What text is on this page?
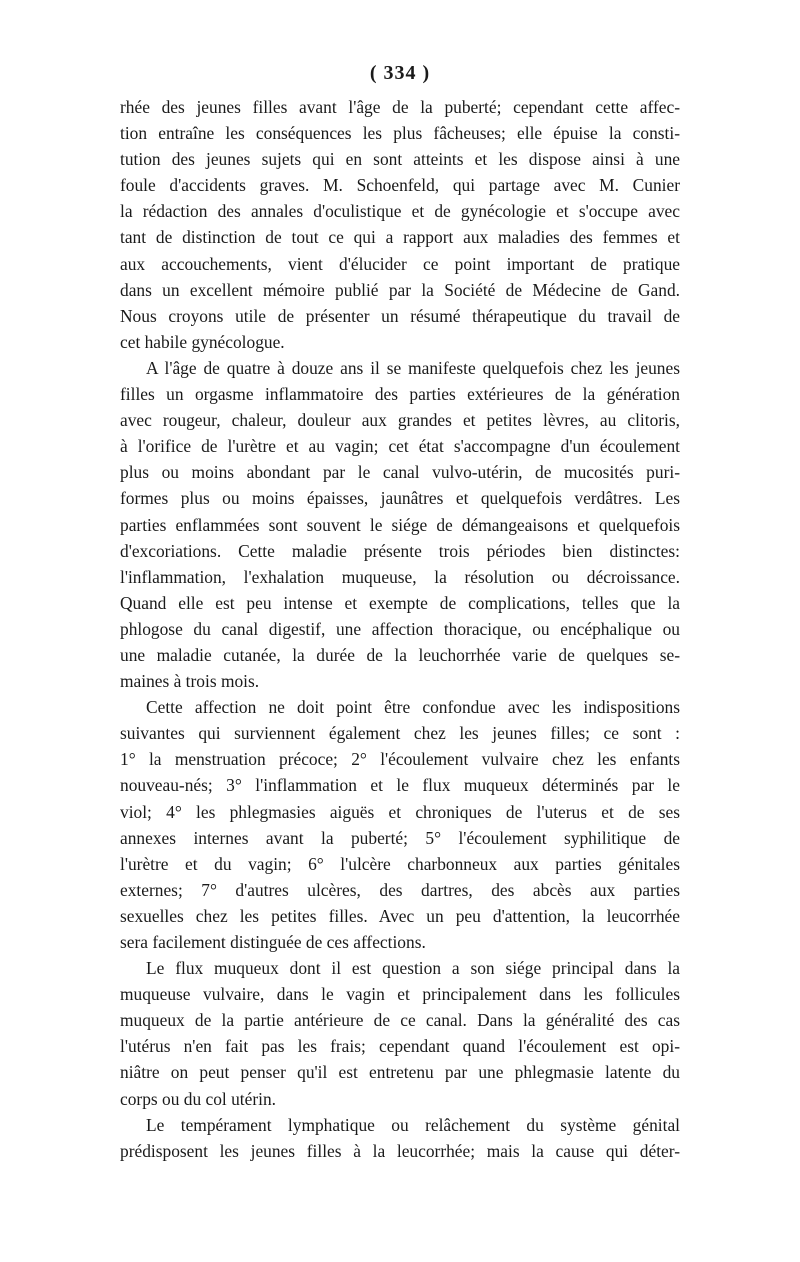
( 334 )
rhée des jeunes filles avant l'âge de la puberté; cependant cette affec-
tion entraîne les conséquences les plus fâcheuses; elle épuise la consti-
tution des jeunes sujets qui en sont atteints et les dispose ainsi à une
foule d'accidents graves. M. Schoenfeld, qui partage avec M. Cunier
la rédaction des annales d'oculistique et de gynécologie et s'occupe avec
tant de distinction de tout ce qui a rapport aux maladies des femmes et
aux accouchements, vient d'élucider ce point important de pratique
dans un excellent mémoire publié par la Société de Médecine de Gand.
Nous croyons utile de présenter un résumé thérapeutique du travail de
cet habile gynécologue.
A l'âge de quatre à douze ans il se manifeste quelquefois chez les jeunes
filles un orgasme inflammatoire des parties extérieures de la génération
avec rougeur, chaleur, douleur aux grandes et petites lèvres, au clitoris,
à l'orifice de l'urètre et au vagin; cet état s'accompagne d'un écoulement
plus ou moins abondant par le canal vulvo-utérin, de mucosités puri-
formes plus ou moins épaisses, jaunâtres et quelquefois verdâtres. Les
parties enflammées sont souvent le siége de démangeaisons et quelquefois
d'excoriations. Cette maladie présente trois périodes bien distinctes:
l'inflammation, l'exhalation muqueuse, la résolution ou décroissance.
Quand elle est peu intense et exempte de complications, telles que la
phlogose du canal digestif, une affection thoracique, ou encéphalique ou
une maladie cutanée, la durée de la leuchorrhée varie de quelques se-
maines à trois mois.
Cette affection ne doit point être confondue avec les indispositions
suivantes qui surviennent également chez les jeunes filles; ce sont :
1° la menstruation précoce; 2° l'écoulement vulvaire chez les enfants
nouveau-nés; 3° l'inflammation et le flux muqueux déterminés par le
viol; 4° les phlegmasies aiguës et chroniques de l'uterus et de ses
annexes internes avant la puberté; 5° l'écoulement syphilitique de
l'urètre et du vagin; 6° l'ulcère charbonneux aux parties génitales
externes; 7° d'autres ulcères, des dartres, des abcès aux parties
sexuelles chez les petites filles. Avec un peu d'attention, la leucorrhée
sera facilement distinguée de ces affections.
Le flux muqueux dont il est question a son siége principal dans la
muqueuse vulvaire, dans le vagin et principalement dans les follicules
muqueux de la partie antérieure de ce canal. Dans la généralité des cas
l'utérus n'en fait pas les frais; cependant quand l'écoulement est opi-
niâtre on peut penser qu'il est entretenu par une phlegmasie latente du
corps ou du col utérin.
Le tempérament lymphatique ou relâchement du système génital
prédisposent les jeunes filles à la leucorrhée; mais la cause qui déter-
